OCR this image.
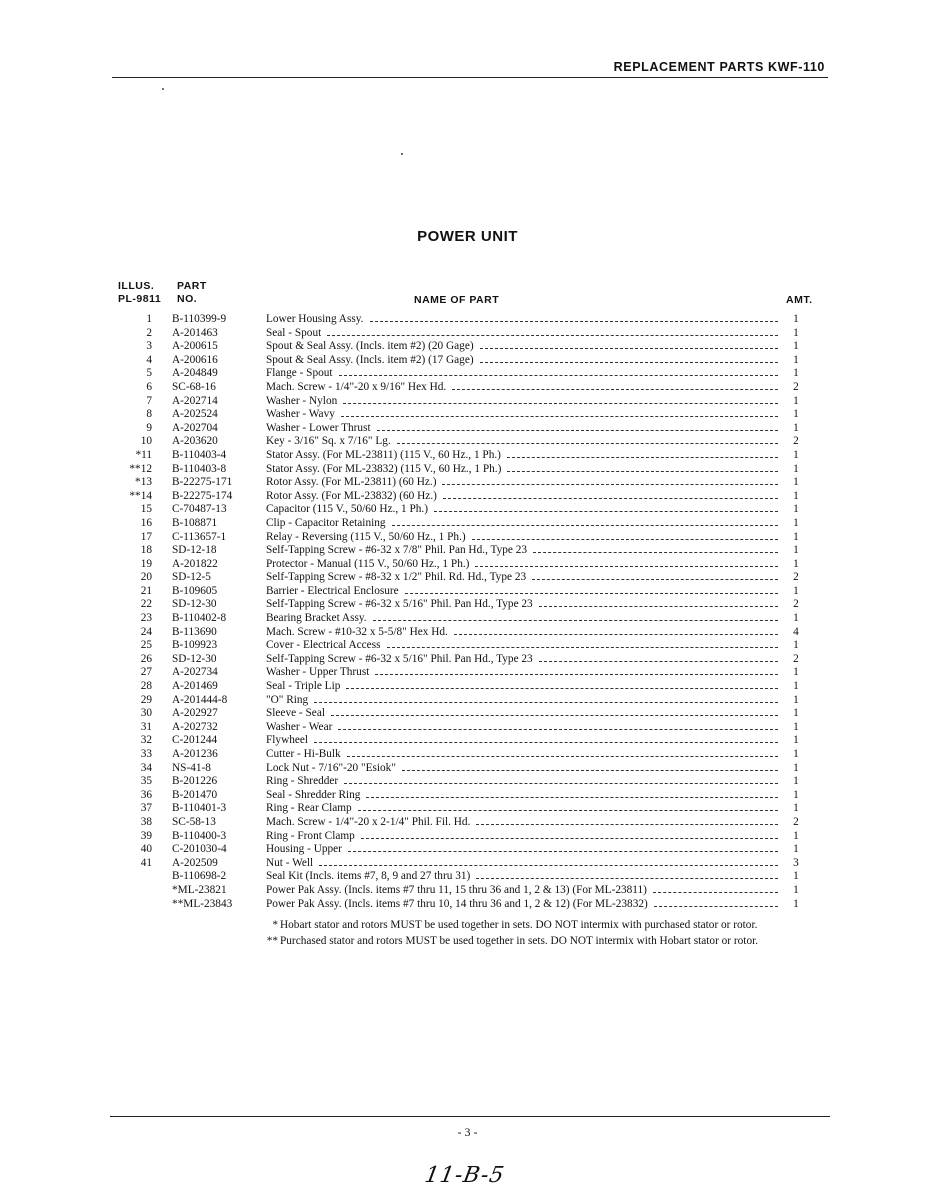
REPLACEMENT PARTS KWF-110
POWER UNIT
ILLUS.
PL-9811
PART
NO.	NAME OF PART	AMT.
1 B-110399-9	Lower Housing Assy.	1
2 A-201463	Seal - Spout	1
3 A-200615	Spout & Seal Assy. (Incls. item #2) (20 Gage)	1
4 A-200616	Spout & Seal Assy. (Incls. item #2) (17 Gage)	1
5 A-204849	Flange - Spout	1
6 SC-68-16	Mach. Screw - 1/4"-20 x 9/16" Hex Hd.	2
7 A-202714	Washer - Nylon	1
8 A-202524	Washer - Wavy	1
9 A-202704	Washer - Lower Thrust	1
10 A-203620	Key - 3/16" Sq. x 7/16" Lg.	2
*11 B-110403-4	Stator Assy. (For ML-23811) (115 V., 60 Hz., 1 Ph.)	1
**12 B-110403-8	Stator Assy. (For ML-23832) (115 V., 60 Hz., 1 Ph.)	1
*13 B-22275-171	Rotor Assy. (For ML-23811) (60 Hz.)	1
**14 B-22275-174	Rotor Assy. (For ML-23832) (60 Hz.)	1
15 C-70487-13	Capacitor (115 V., 50/60 Hz., 1 Ph.)	1
16 B-108871	Clip - Capacitor Retaining	1
17 C-113657-1	Relay - Reversing (115 V., 50/60 Hz., 1 Ph.)	1
18 SD-12-18	Self-Tapping Screw - #6-32 x 7/8" Phil. Pan Hd., Type 23	1
19 A-201822	Protector - Manual (115 V., 50/60 Hz., 1 Ph.)	1
20 SD-12-5	Self-Tapping Screw - #8-32 x 1/2" Phil. Rd. Hd., Type 23	2
21 B-109605	Barrier - Electrical Enclosure	1
22 SD-12-30	Self-Tapping Screw - #6-32 x 5/16" Phil. Pan Hd., Type 23	2
23 B-110402-8	Bearing Bracket Assy.	1
24 B-113690	Mach. Screw - #10-32 x 5-5/8" Hex Hd.	4
25 B-109923	Cover - Electrical Access	1
26 SD-12-30	Self-Tapping Screw - #6-32 x 5/16" Phil. Pan Hd., Type 23	2
27 A-202734	Washer - Upper Thrust	1
28 A-201469	Seal - Triple Lip	1
29 A-201444-8	"O" Ring	1
30 A-202927	Sleeve - Seal	1
31 A-202732	Washer - Wear	1
32 C-201244	Flywheel	1
33 A-201236	Cutter - Hi-Bulk	1
34 NS-41-8	Lock Nut - 7/16"-20 "Esiok"	1
35 B-201226	Ring - Shredder	1
36 B-201470	Seal - Shredder Ring	1
37 B-110401-3	Ring - Rear Clamp	1
38 SC-58-13	Mach. Screw - 1/4"-20 x 2-1/4" Phil. Fil. Hd.	2
39 B-110400-3	Ring - Front Clamp	1
40 C-201030-4	Housing - Upper	1
41 A-202509	Nut - Well	3
B-110698-2	Seal Kit (Incls. items #7, 8, 9 and 27 thru 31)	1
*ML-23821	Power Pak Assy. (Incls. items #7 thru 11, 15 thru 36 and 1, 2 & 13) (For ML-23811)	1
**ML-23843	Power Pak Assy. (Incls. items #7 thru 10, 14 thru 36 and 1, 2 & 12) (For ML-23832)	1
* Hobart stator and rotors MUST be used together in sets. DO NOT intermix with purchased stator or rotor.
** Purchased stator and rotors MUST be used together in sets. DO NOT intermix with Hobart stator or rotor.
- 3 -
11-B-5
